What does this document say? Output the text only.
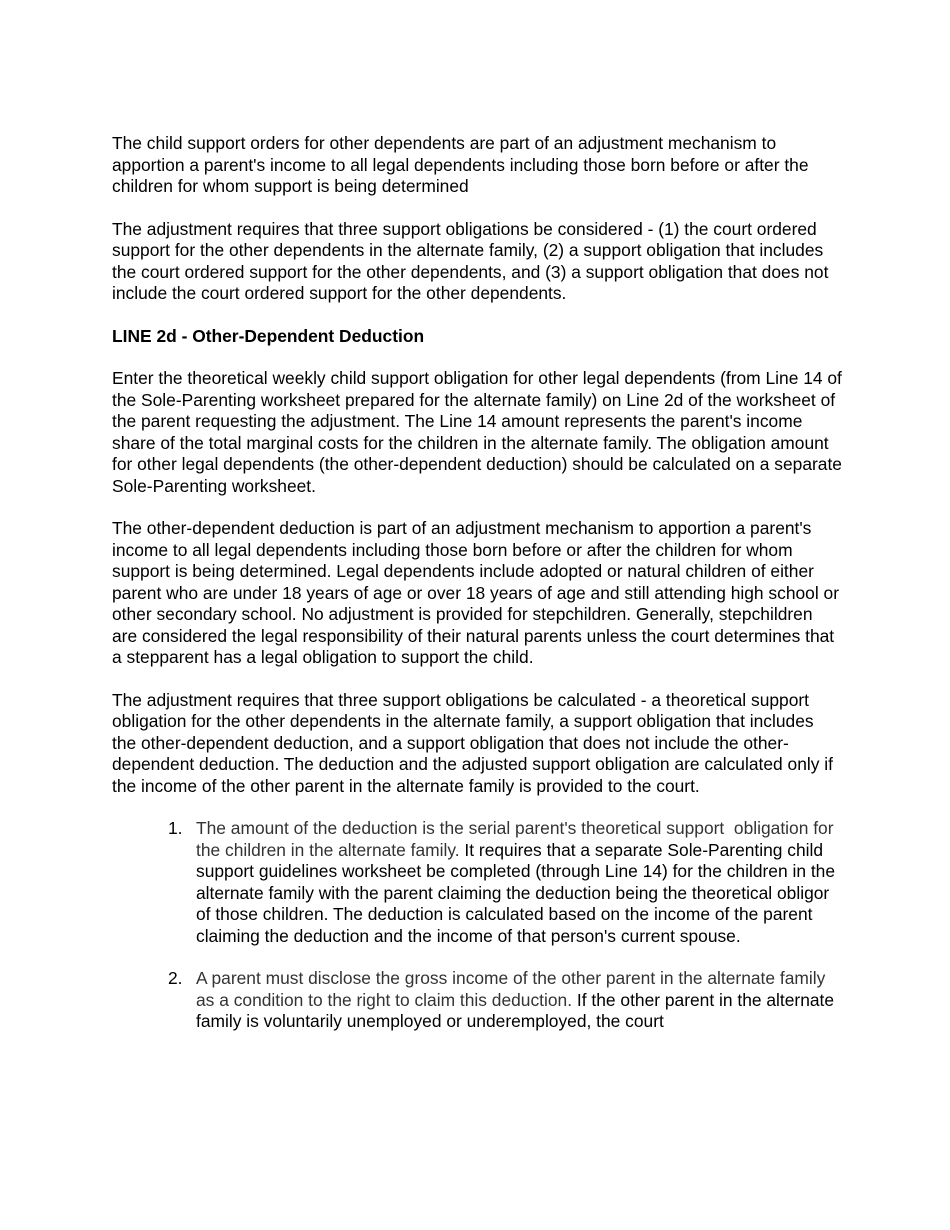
The child support orders for other dependents are part of an adjustment mechanism to apportion a parent's income to all legal dependents including those born before or after the children for whom support is being determined

The adjustment requires that three support obligations be considered - (1) the court ordered support for the other dependents in the alternate family, (2) a support obligation that includes the court ordered support for the other dependents, and (3) a support obligation that does not include the court ordered support for the other dependents.

LINE 2d - Other-Dependent Deduction

Enter the theoretical weekly child support obligation for other legal dependents (from Line 14 of the Sole-Parenting worksheet prepared for the alternate family) on Line 2d of the worksheet of the parent requesting the adjustment. The Line 14 amount represents the parent's income share of the total marginal costs for the children in the alternate family. The obligation amount for other legal dependents (the other-dependent deduction) should be calculated on a separate Sole-Parenting worksheet.

The other-dependent deduction is part of an adjustment mechanism to apportion a parent's income to all legal dependents including those born before or after the children for whom support is being determined. Legal dependents include adopted or natural children of either parent who are under 18 years of age or over 18 years of age and still attending high school or other secondary school. No adjustment is provided for stepchildren. Generally, stepchildren are considered the legal responsibility of their natural parents unless the court determines that a stepparent has a legal obligation to support the child.

The adjustment requires that three support obligations be calculated - a theoretical support obligation for the other dependents in the alternate family, a support obligation that includes the other-dependent deduction, and a support obligation that does not include the other-dependent deduction. The deduction and the adjusted support obligation are calculated only if the income of the other parent in the alternate family is provided to the court.

1. The amount of the deduction is the serial parent's theoretical support  obligation for the children in the alternate family. It requires that a separate Sole-Parenting child support guidelines worksheet be completed (through Line 14) for the children in the alternate family with the parent claiming the deduction being the theoretical obligor of those children. The deduction is calculated based on the income of the parent claiming the deduction and the income of that person's current spouse.
2. A parent must disclose the gross income of the other parent in the alternate family as a condition to the right to claim this deduction. If the other parent in the alternate family is voluntarily unemployed or underemployed, the court
